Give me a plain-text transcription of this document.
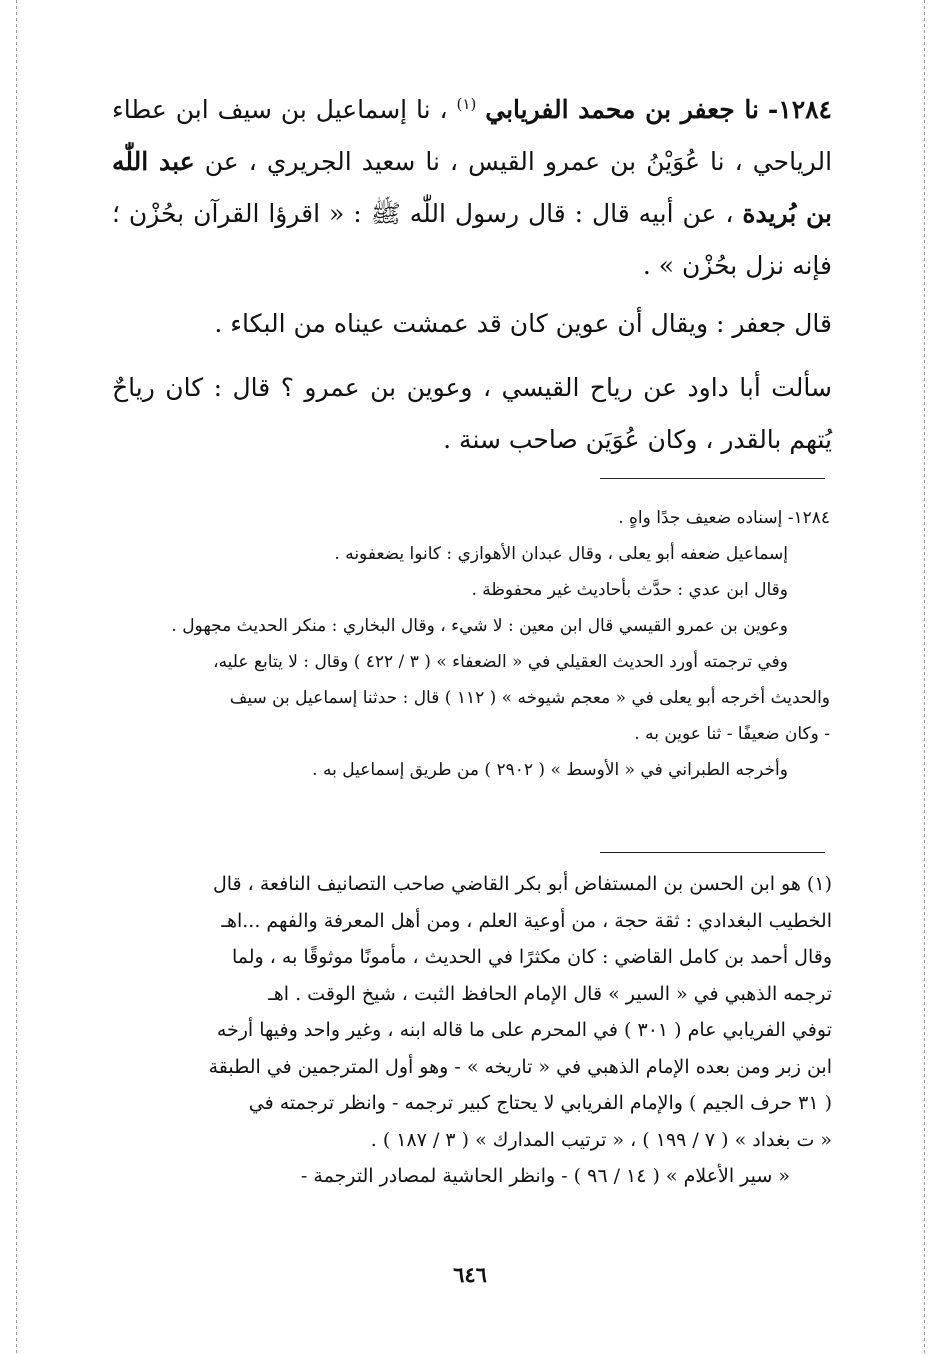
١٢٨٤- نا جعفر بن محمد الفريابي $^{(١)}$ ، نا إسماعيل بن سيف ابن عطاء الرياحي ، نا عُوَيْنُ بن عمرو القيس ، نا سعيد الجريري ، عن عبد اللّٰه بن بُريدة ، عن أبيه قال : قال رسول اللّٰه ﷺ : « اقرؤا القرآن بحُزْن ؛ فإنه نزل بحُزْن » .

قال جعفر : ويقال أن عوين كان قد عمشت عيناه من البكاء .

سألت أبا داود عن رياح القيسي ، وعوين بن عمرو ؟ قال : كان رياحٌ يُتهم بالقدر ، وكان عُوَيَن صاحب سنة .

١٢٨٤- إسناده ضعيف جدًا واهٍ .

إسماعيل ضعفه أبو يعلى ، وقال عبدان الأهوازي : كانوا يضعفونه .

وقال ابن عدي : حدَّث بأحاديث غير محفوظة .

وعوين بن عمرو القيسي قال ابن معين : لا شيء ، وقال البخاري : منكر الحديث مجهول .

وفي ترجمته أورد الحديث العقيلي في « الضعفاء » ( ٣ / ٤٢٢ ) وقال : لا يتابع عليه،

والحديث أخرجه أبو يعلى في « معجم شيوخه » ( ١١٢ ) قال : حدثنا إسماعيل بن سيف

- وكان ضعيفًا - ثنا عوين به .

وأخرجه الطبراني في « الأوسط » ( ٢٩٠٢ ) من طريق إسماعيل به .

(١) هو ابن الحسن بن المستفاض أبو بكر القاضي صاحب التصانيف النافعة ، قال

الخطيب البغدادي : ثقة حجة ، من أوعية العلم ، ومن أهل المعرفة والفهم ...اهـ

وقال أحمد بن كامل القاضي : كان مكثرًا في الحديث ، مأمونًا موثوقًا به ، ولما

ترجمه الذهبي في « السير » قال الإمام الحافظ الثبت ، شيخ الوقت . اهـ

توفي الفريابي عام ( ٣٠١ ) في المحرم على ما قاله ابنه ، وغير واحد وفيها أرخه

ابن زبر ومن بعده الإمام الذهبي في « تاريخه » - وهو أول المترجمين في الطبقة

( ٣١ حرف الجيم ) والإمام الفريابي لا يحتاج كبير ترجمه - وانظر ترجمته في

« ت بغداد » ( ٧ / ١٩٩ ) ، « ترتيب المدارك » ( ٣ / ١٨٧ ) .

« سير الأعلام » ( ١٤ / ٩٦ ) - وانظر الحاشية لمصادر الترجمة -

٦٤٦
